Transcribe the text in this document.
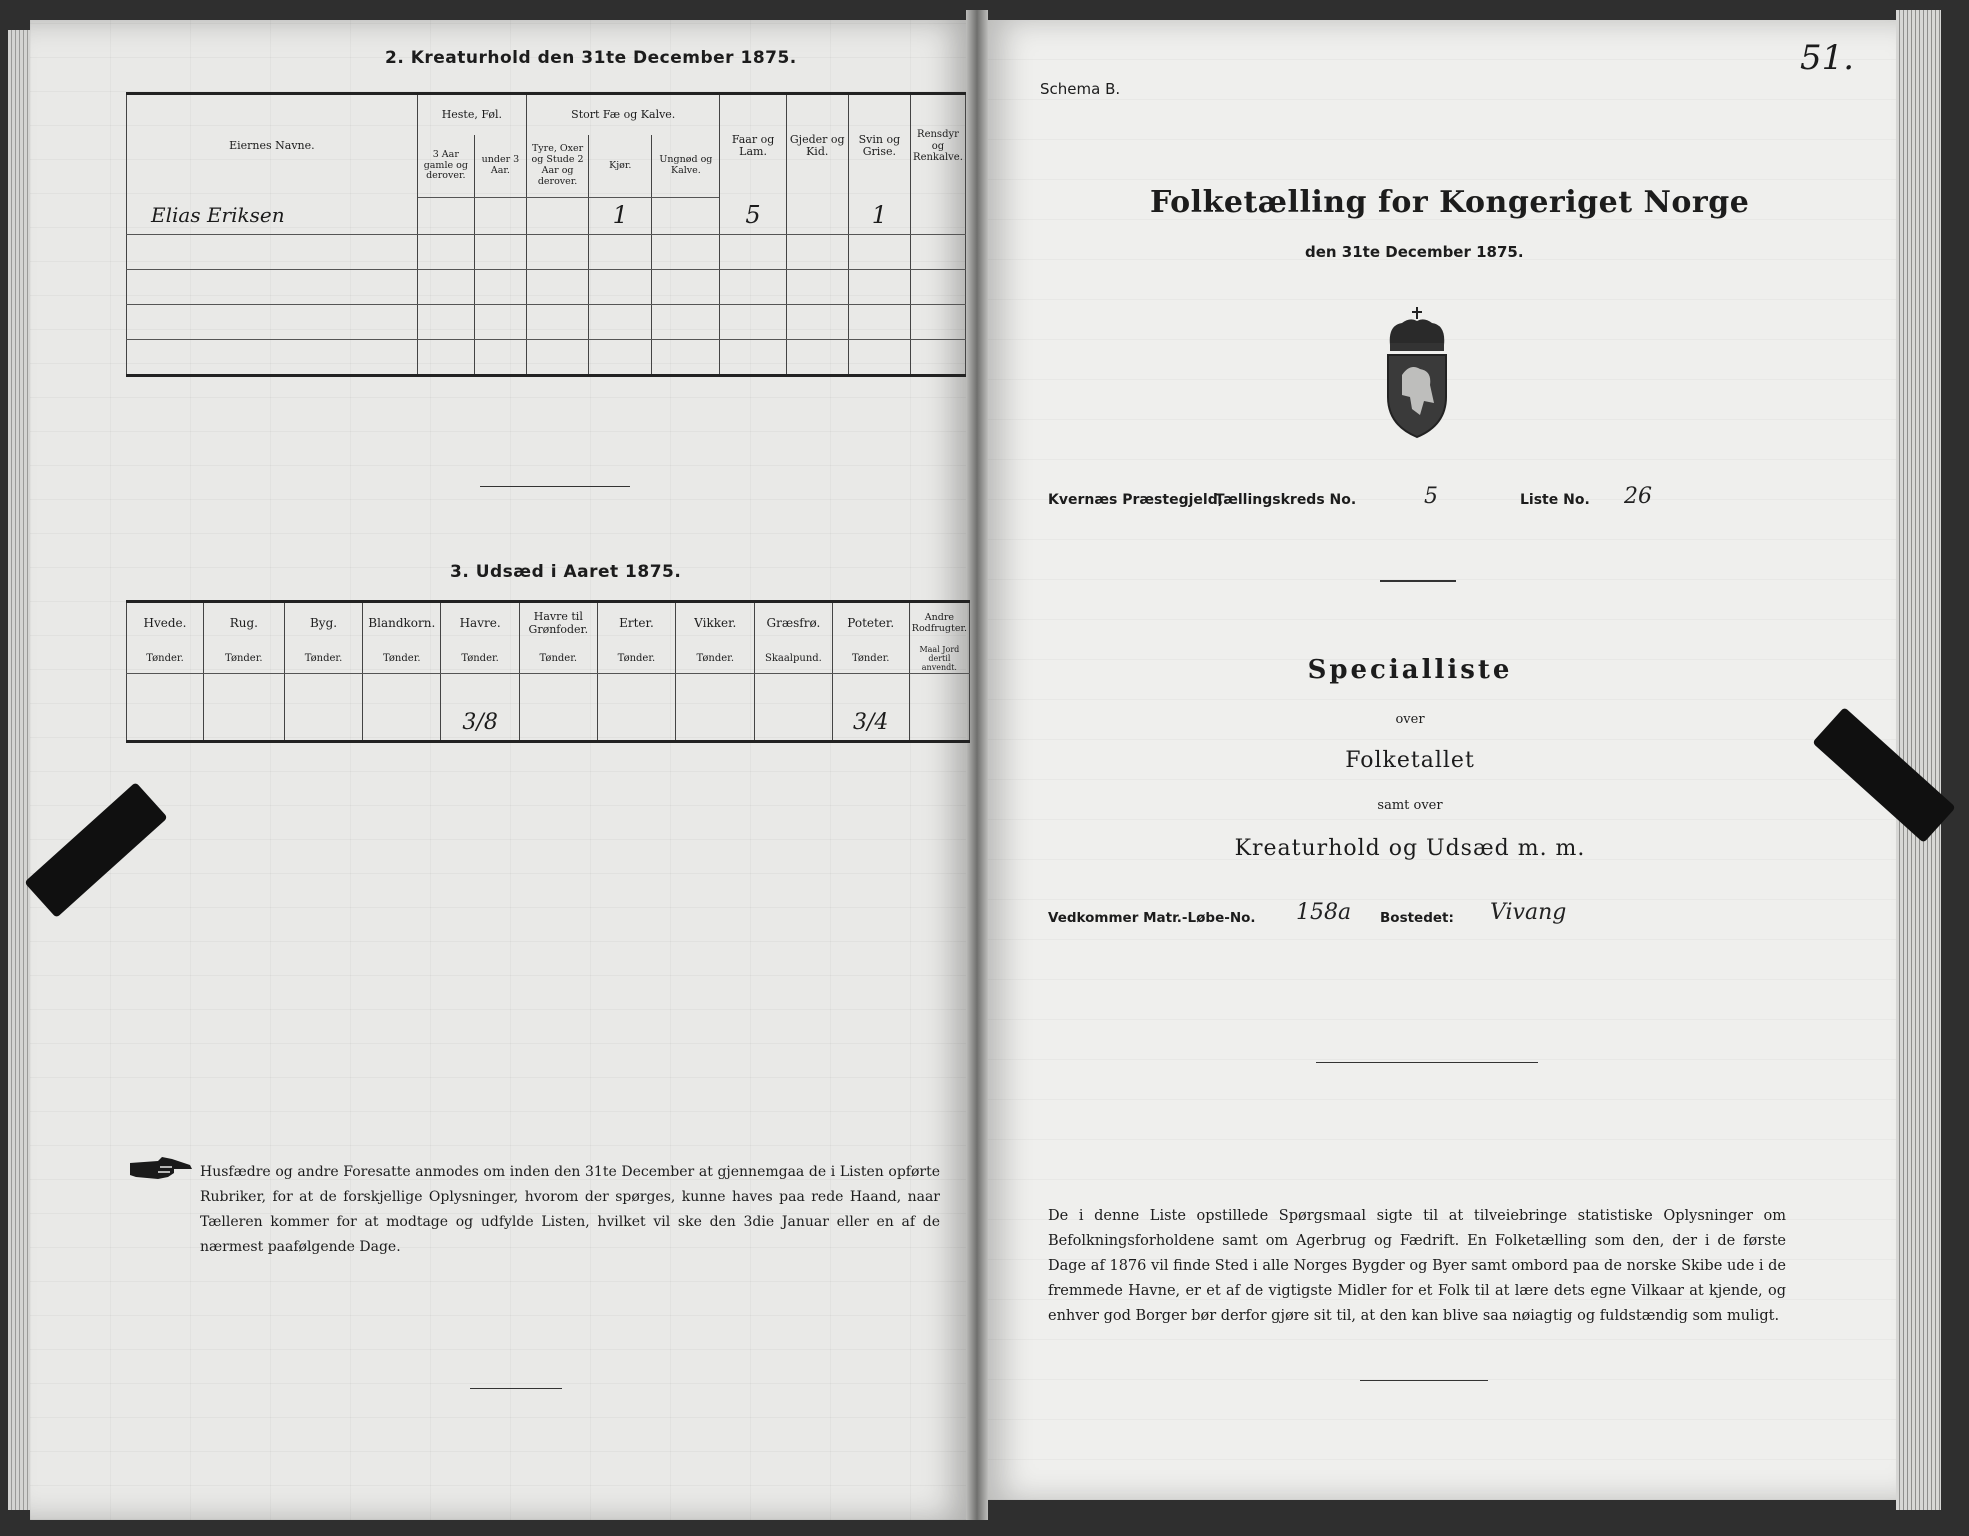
2. Kreaturhold den 31te December 1875.
Eiernes Navne.	Heste, Føl.		Stort Fæ og Kalve.			Faar og Lam.	Gjeder og Kid.	Svin og Grise.	Rensdyr og Renkalve.
	3 Aar gamle og derover.	under 3 Aar.	Tyre, Oxer og Stude 2 Aar og derover.	Kjør.	Ungnød og Kalve.				
Elias Eriksen				1		5		1	

3. Udsæd i Aaret 1875.
Hvede.	Rug.	Byg.	Blandkorn.	Havre.	Havre til Grønfoder.	Erter.	Vikker.	Græsfrø.	Poteter.	Andre Rodfrugter.
Tønder.	Tønder.	Tønder.	Tønder.	Tønder.	Tønder.	Tønder.	Tønder.	Skaalpund.	Tønder.	Maal Jord dertil anvendt.
				3/8					3/4	
Husfædre og andre Foresatte anmodes om inden den 31te December at gjennemgaa de i Listen opførte Rubriker, for at de forskjellige Oplysninger, hvorom der spørges, kunne haves paa rede Haand, naar Tælleren kommer for at modtage og udfylde Listen, hvilket vil ske den 3die Januar eller en af de nærmest paafølgende Dage.
Schema B.
51.
Folketælling for Kongeriget Norge
den 31te December 1875.
Kvernæs Præstegjeld,
Tællingskreds No.	5	Liste No. 26
Specialliste
over
Folketallet
samt over
Kreaturhold og Udsæd m. m.
Vedkommer Matr.-Løbe-No. 158a Bostedet: Vivang
De i denne Liste opstillede Spørgsmaal sigte til at tilveiebringe statistiske Oplysninger om Befolkningsforholdene samt om Agerbrug og Fædrift. En Folketælling som den, der i de første Dage af 1876 vil finde Sted i alle Norges Bygder og Byer samt ombord paa de norske Skibe ude i de fremmede Havne, er et af de vigtigste Midler for et Folk til at lære dets egne Vilkaar at kjende, og enhver god Borger bør derfor gjøre sit til, at den kan blive saa nøiagtig og fuldstændig som muligt.
